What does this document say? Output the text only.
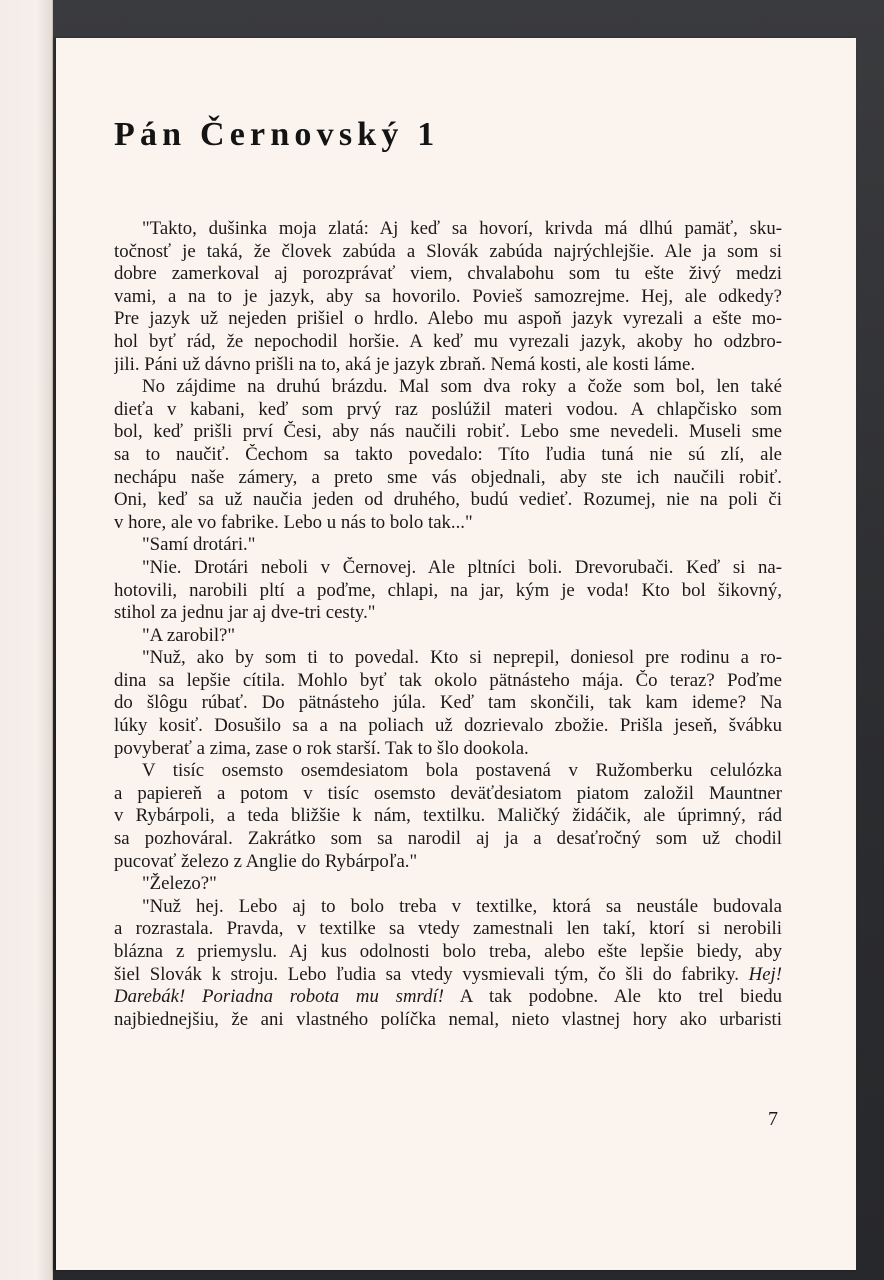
Pán Černovský 1
"Takto, dušinka moja zlatá: Aj keď sa hovorí, krivda má dlhú pamäť, sku-
točnosť je taká, že človek zabúda a Slovák zabúda najrýchlejšie. Ale ja som si
dobre zamerkoval aj porozprávať viem, chvalabohu som tu ešte živý medzi
vami, a na to je jazyk, aby sa hovorilo. Povieš samozrejme. Hej, ale odkedy?
Pre jazyk už nejeden prišiel o hrdlo. Alebo mu aspoň jazyk vyrezali a ešte mo-
hol byť rád, že nepochodil horšie. A keď mu vyrezali jazyk, akoby ho odzbro-
jili. Páni už dávno prišli na to, aká je jazyk zbraň. Nemá kosti, ale kosti láme.
No zájdime na druhú brázdu. Mal som dva roky a čože som bol, len také
dieťa v kabani, keď som prvý raz poslúžil materi vodou. A chlapčisko som
bol, keď prišli prví Česi, aby nás naučili robiť. Lebo sme nevedeli. Museli sme
sa to naučiť. Čechom sa takto povedalo: Títo ľudia tuná nie sú zlí, ale
nechápu naše zámery, a preto sme vás objednali, aby ste ich naučili robiť.
Oni, keď sa už naučia jeden od druhého, budú vedieť. Rozumej, nie na poli či
v hore, ale vo fabrike. Lebo u nás to bolo tak..."
"Samí drotári."
"Nie. Drotári neboli v Černovej. Ale pltníci boli. Drevorubači. Keď si na-
hotovili, narobili pltí a poďme, chlapi, na jar, kým je voda! Kto bol šikovný,
stihol za jednu jar aj dve-tri cesty."
"A zarobil?"
"Nuž, ako by som ti to povedal. Kto si neprepil, doniesol pre rodinu a ro-
dina sa lepšie cítila. Mohlo byť tak okolo pätnásteho mája. Čo teraz? Poďme
do šlôgu rúbať. Do pätnásteho júla. Keď tam skončili, tak kam ideme? Na
lúky kosiť. Dosušilo sa a na poliach už dozrievalo zbožie. Prišla jeseň, švábku
povyberať a zima, zase o rok starší. Tak to šlo dookola.
V tisíc osemsto osemdesiatom bola postavená v Ružomberku celulózka
a papiereň a potom v tisíc osemsto deväťdesiatom piatom založil Mauntner
v Rybárpoli, a teda bližšie k nám, textilku. Maličký židáčik, ale úprimný, rád
sa pozhováral. Zakrátko som sa narodil aj ja a desaťročný som už chodil
pucovať železo z Anglie do Rybárpoľa."
"Železo?"
"Nuž hej. Lebo aj to bolo treba v textilke, ktorá sa neustále budovala
a rozrastala. Pravda, v textilke sa vtedy zamestnali len takí, ktorí si nerobili
blázna z priemyslu. Aj kus odolnosti bolo treba, alebo ešte lepšie biedy, aby
šiel Slovák k stroju. Lebo ľudia sa vtedy vysmievali tým, čo šli do fabriky. Hej!
Darebák! Poriadna robota mu smrdí! A tak podobne. Ale kto trel biedu
najbiednejšiu, že ani vlastného políčka nemal, nieto vlastnej hory ako urbaristi
7
